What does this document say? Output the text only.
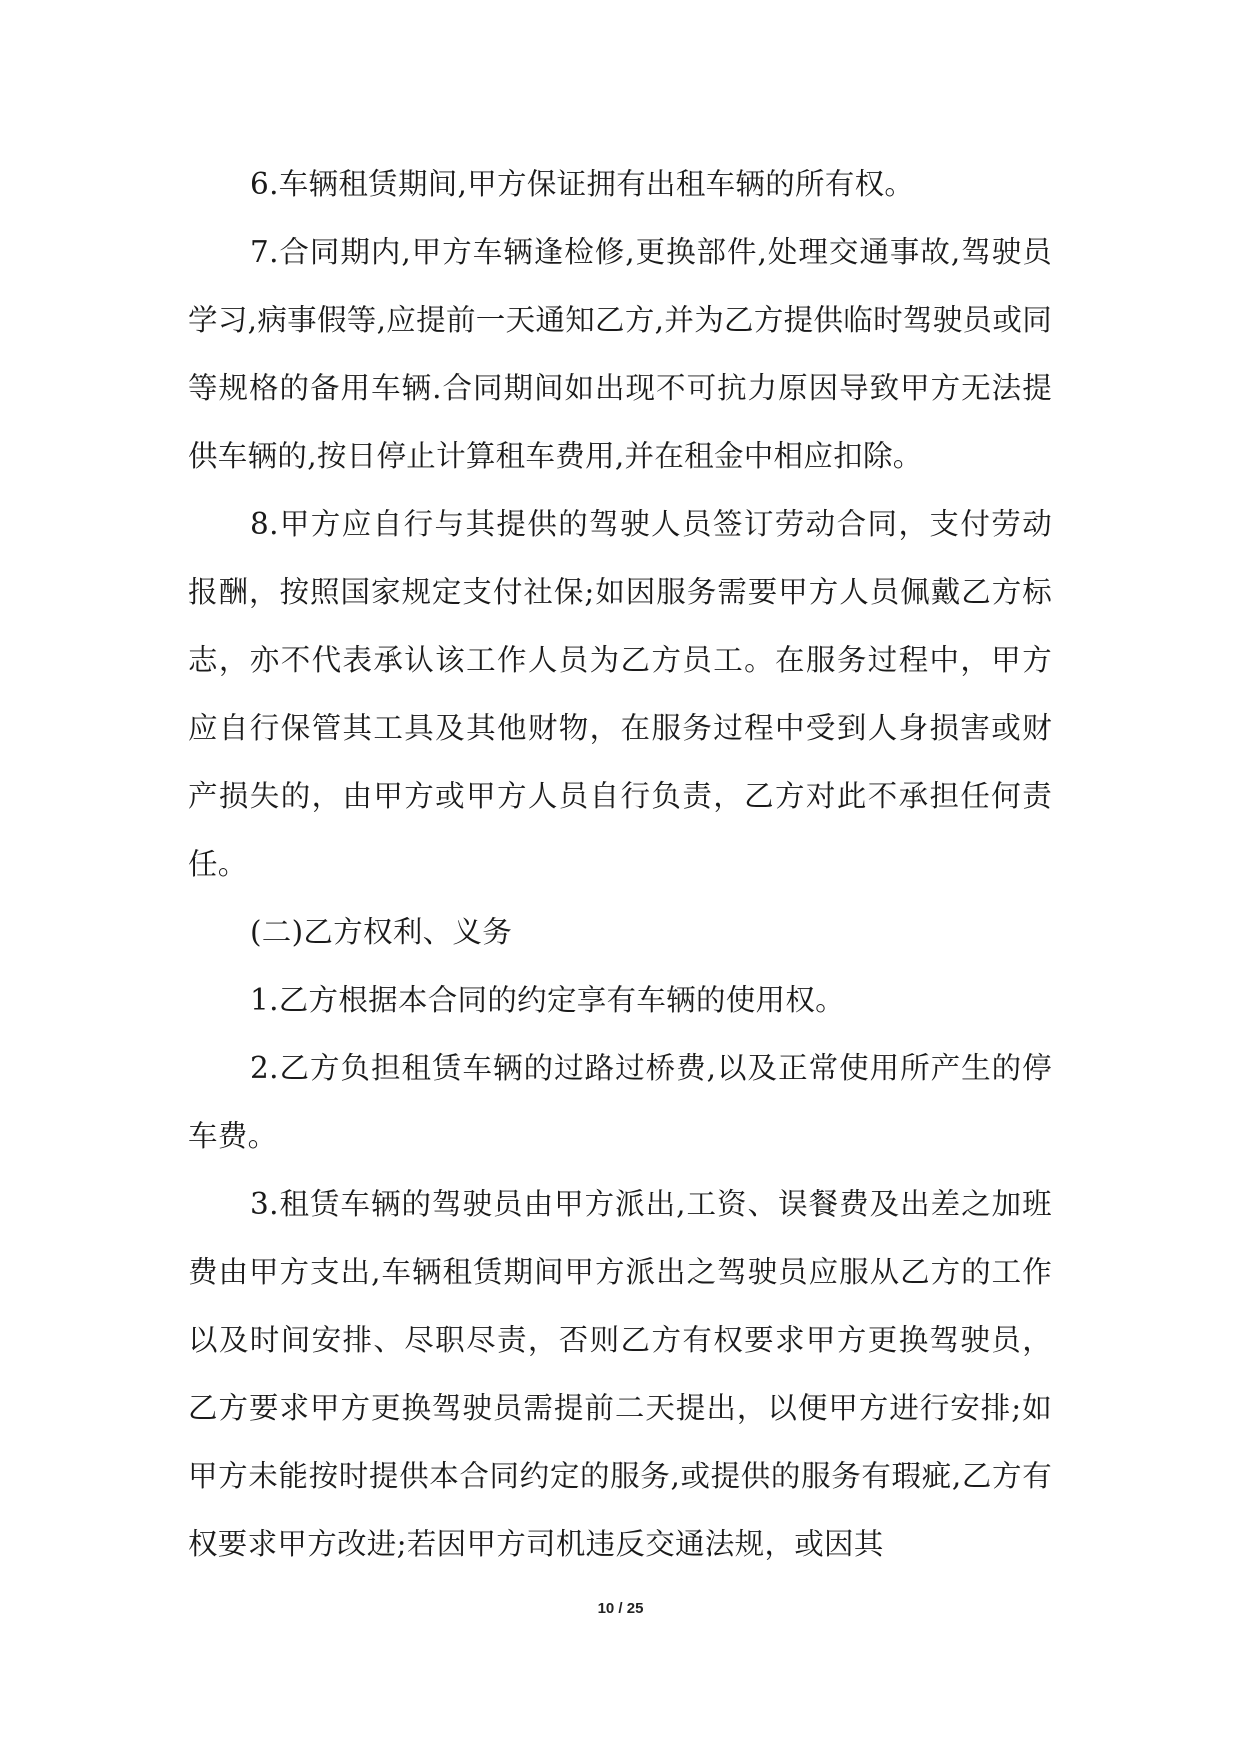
6.车辆租赁期间,甲方保证拥有出租车辆的所有权。

7.合同期内,甲方车辆逢检修,更换部件,处理交通事故,驾驶员学习,病事假等,应提前一天通知乙方,并为乙方提供临时驾驶员或同等规格的备用车辆.合同期间如出现不可抗力原因导致甲方无法提供车辆的,按日停止计算租车费用,并在租金中相应扣除。

8.甲方应自行与其提供的驾驶人员签订劳动合同，支付劳动报酬，按照国家规定支付社保;如因服务需要甲方人员佩戴乙方标志，亦不代表承认该工作人员为乙方员工。在服务过程中，甲方应自行保管其工具及其他财物，在服务过程中受到人身损害或财产损失的，由甲方或甲方人员自行负责，乙方对此不承担任何责任。

(二)乙方权利、义务

1.乙方根据本合同的约定享有车辆的使用权。

2.乙方负担租赁车辆的过路过桥费,以及正常使用所产生的停车费。

3.租赁车辆的驾驶员由甲方派出,工资、误餐费及出差之加班费由甲方支出,车辆租赁期间甲方派出之驾驶员应服从乙方的工作以及时间安排、尽职尽责，否则乙方有权要求甲方更换驾驶员，乙方要求甲方更换驾驶员需提前二天提出，以便甲方进行安排;如甲方未能按时提供本合同约定的服务,或提供的服务有瑕疵,乙方有权要求甲方改进;若因甲方司机违反交通法规，或因其

10 / 25
